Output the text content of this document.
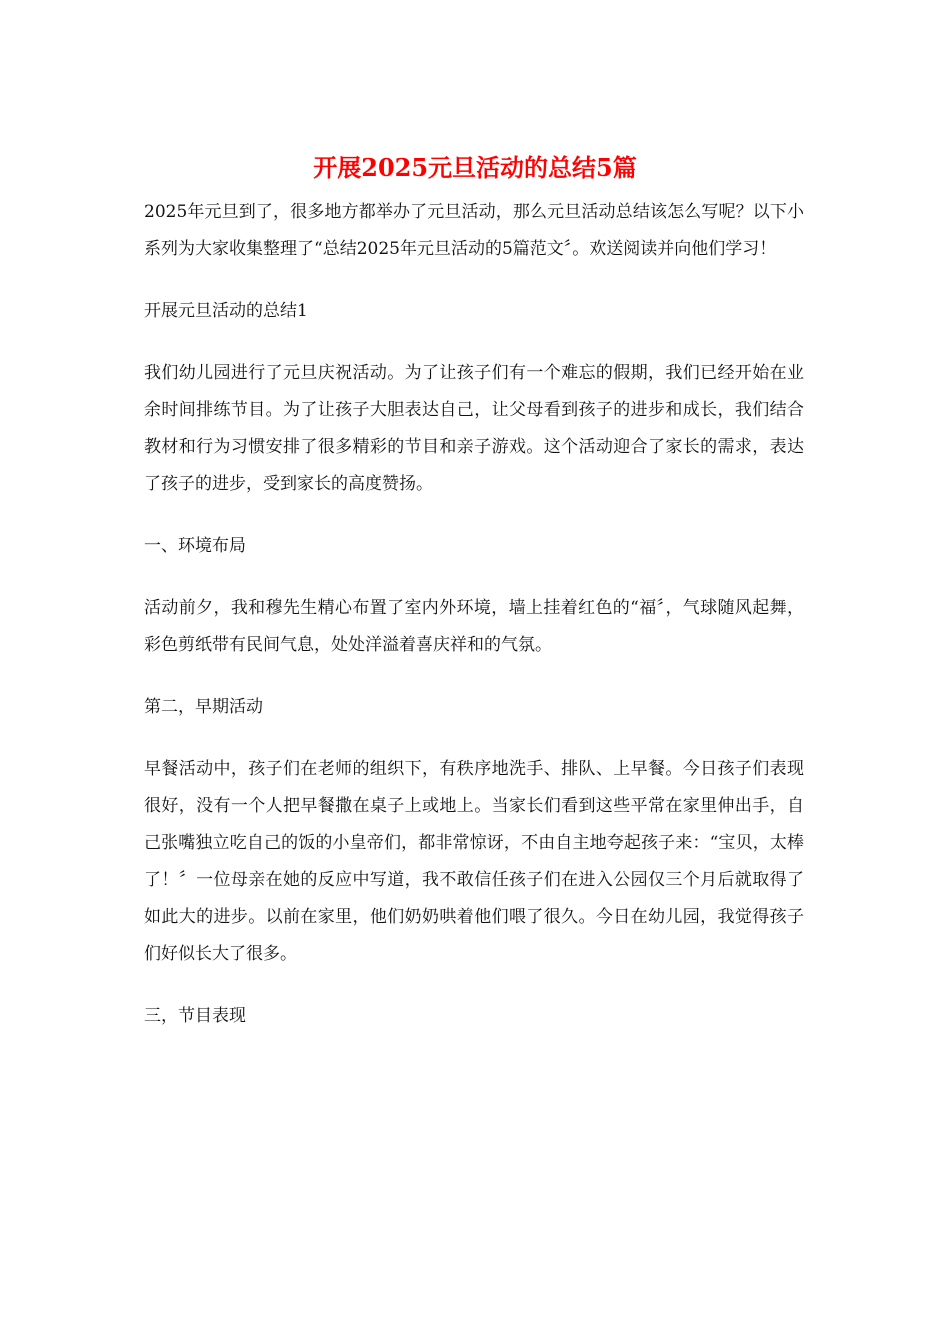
开展2025元旦活动的总结5篇

2025年元旦到了，很多地方都举办了元旦活动，那么元旦活动总结该怎么写呢？以下小系列为大家收集整理了“总结2025年元旦活动的5篇范文〞。欢送阅读并向他们学习！

开展元旦活动的总结1

我们幼儿园进行了元旦庆祝活动。为了让孩子们有一个难忘的假期，我们已经开始在业余时间排练节目。为了让孩子大胆表达自己，让父母看到孩子的进步和成长，我们结合教材和行为习惯安排了很多精彩的节目和亲子游戏。这个活动迎合了家长的需求，表达了孩子的进步，受到家长的高度赞扬。

一、环境布局

活动前夕，我和穆先生精心布置了室内外环境，墙上挂着红色的“福〞，气球随风起舞，彩色剪纸带有民间气息，处处洋溢着喜庆祥和的气氛。

第二，早期活动

早餐活动中，孩子们在老师的组织下，有秩序地洗手、排队、上早餐。今日孩子们表现很好，没有一个人把早餐撒在桌子上或地上。当家长们看到这些平常在家里伸出手，自己张嘴独立吃自己的饭的小皇帝们，都非常惊讶，不由自主地夸起孩子来：“宝贝，太棒了！〞一位母亲在她的反应中写道，我不敢信任孩子们在进入公园仅三个月后就取得了如此大的进步。以前在家里，他们奶奶哄着他们喂了很久。今日在幼儿园，我觉得孩子们好似长大了很多。

三，节目表现
